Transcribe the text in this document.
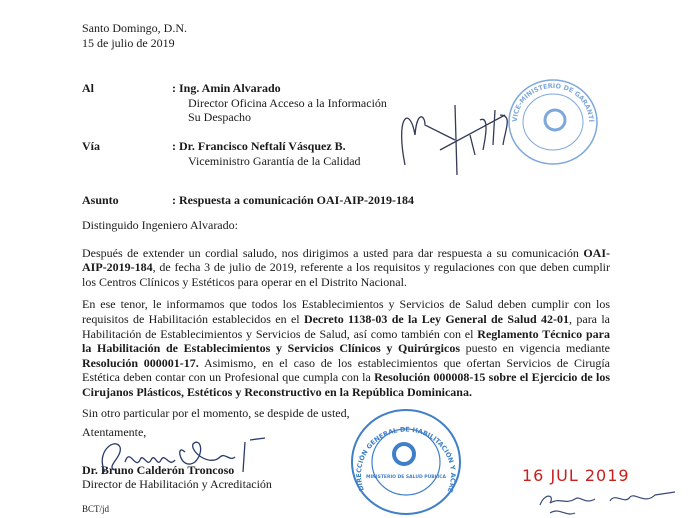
Santo Domingo, D.N.
15 de julio de 2019
Al	: Ing. Amin Alvarado
Director Oficina Acceso a la Información
Su Despacho
Vía	: Dr. Francisco Neftalí Vásquez B.
Viceministro Garantía de la Calidad
Asunto	: Respuesta a comunicación OAI-AIP-2019-184
Distinguido Ingeniero Alvarado:
Después de extender un cordial saludo, nos dirigimos a usted para dar respuesta a su comunicación OAI-AIP-2019-184, de fecha 3 de julio de 2019, referente a los requisitos y regulaciones con que deben cumplir los Centros Clínicos y Estéticos para operar en el Distrito Nacional.
En ese tenor, le informamos que todos los Establecimientos y Servicios de Salud deben cumplir con los requisitos de Habilitación establecidos en el Decreto 1138-03 de la Ley General de Salud 42-01, para la Habilitación de Establecimientos y Servicios de Salud, así como también con el Reglamento Técnico para la Habilitación de Establecimientos y Servicios Clínicos y Quirúrgicos puesto en vigencia mediante Resolución 000001-17. Asimismo, en el caso de los establecimientos que ofertan Servicios de Cirugía Estética deben contar con un Profesional que cumpla con la Resolución 000008-15 sobre el Ejercicio de los Cirujanos Plásticos, Estéticos y Reconstructivo en la República Dominicana.
Sin otro particular por el momento, se despide de usted,
Atentamente,
Dr. Bruno Calderón Troncoso
Director de Habilitación y Acreditación
BCT/jd
VICE-MINISTERIO DE GARANTÍA DE LA CALIDAD
DIRECCIÓN GENERAL DE HABILITACIÓN Y ACREDITACIÓN (DGHA)
MINISTERIO DE SALUD PÚBLICA	16 JUL 2019
